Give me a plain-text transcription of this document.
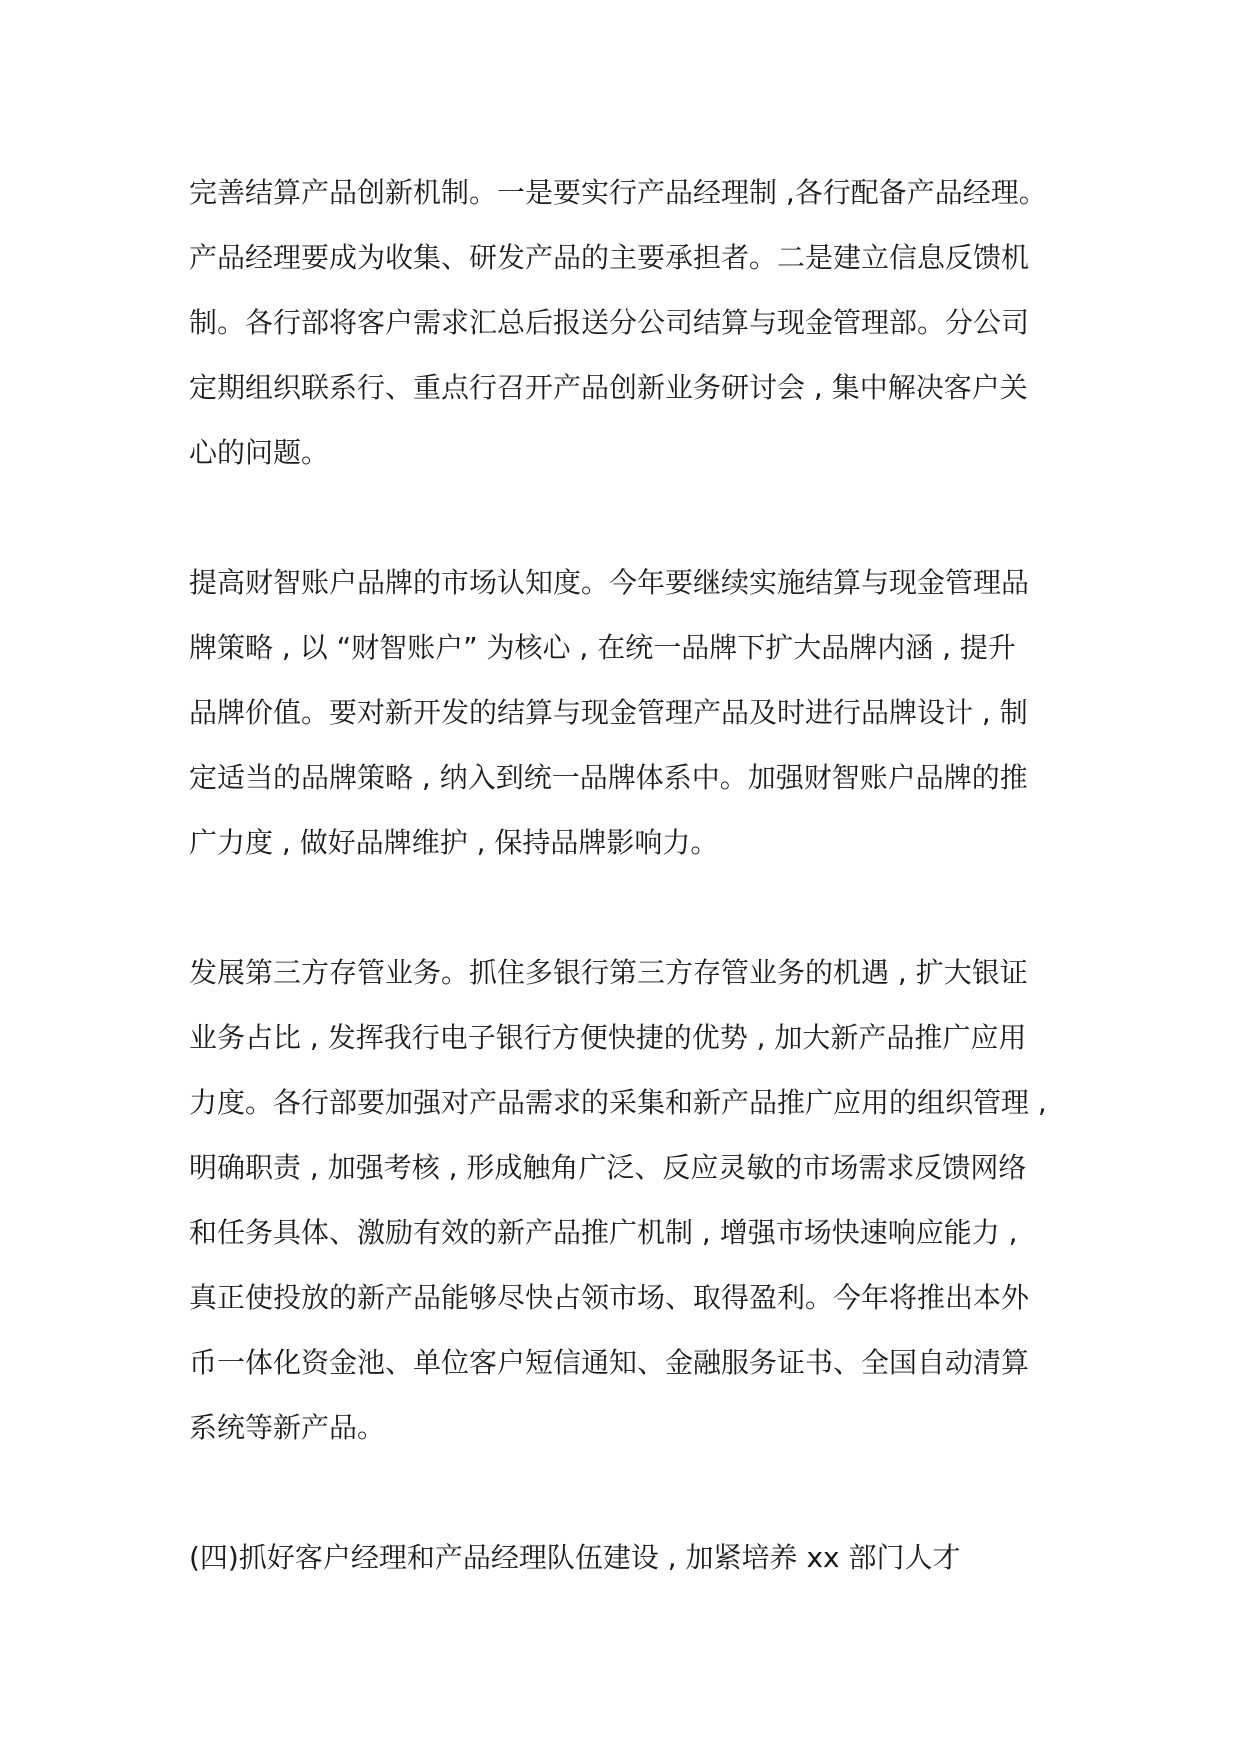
完善结算产品创新机制。一是要实行产品经理制 ,各行配备产品经理。
产品经理要成为收集、研发产品的主要承担者。二是建立信息反馈机
制。各行部将客户需求汇总后报送分公司结算与现金管理部。分公司
定期组织联系行、重点行召开产品创新业务研讨会 , 集中解决客户关
心的问题。

提高财智账户品牌的市场认知度。今年要继续实施结算与现金管理品
牌策略 , 以 “财智账户” 为核心 , 在统一品牌下扩大品牌内涵 , 提升
品牌价值。要对新开发的结算与现金管理产品及时进行品牌设计 , 制
定适当的品牌策略 , 纳入到统一品牌体系中。加强财智账户品牌的推
广力度 , 做好品牌维护 , 保持品牌影响力。

发展第三方存管业务。抓住多银行第三方存管业务的机遇 , 扩大银证
业务占比 , 发挥我行电子银行方便快捷的优势 , 加大新产品推广应用
力度。各行部要加强对产品需求的采集和新产品推广应用的组织管理 ,
明确职责 , 加强考核 , 形成触角广泛、反应灵敏的市场需求反馈网络
和任务具体、激励有效的新产品推广机制 , 增强市场快速响应能力 ,
真正使投放的新产品能够尽快占领市场、取得盈利。今年将推出本外
币一体化资金池、单位客户短信通知、金融服务证书、全国自动清算
系统等新产品。

(四)抓好客户经理和产品经理队伍建设 , 加紧培养 xx 部门人才
